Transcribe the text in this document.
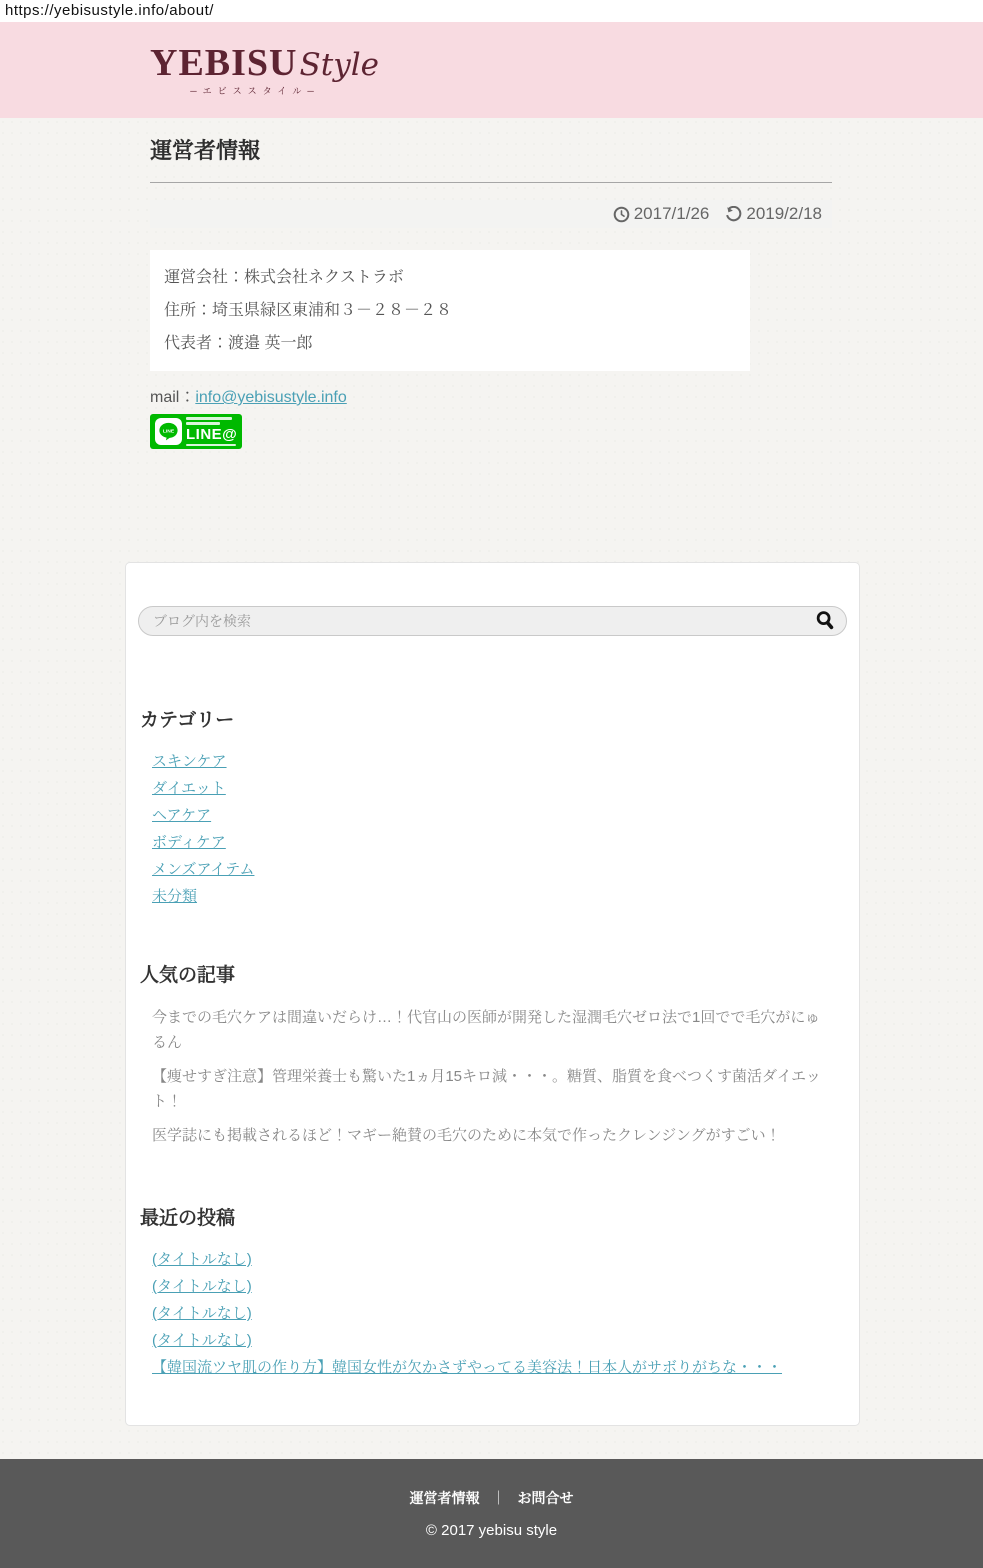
https://yebisustyle.info/about/
YEBISU Style
─エビススタイル─
運営者情報
2017/1/26 2019/2/18

運営会社：株式会社ネクストラボ

住所：埼玉県緑区東浦和３－２８－２８

代表者：渡邉 英一郎

mail：info@yebisustyle.info

LINE LINE@
ブログ内を検索
カテゴリー
スキンケア
ダイエット
ヘアケア
ボディケア
メンズアイテム
未分類
人気の記事
今までの毛穴ケアは間違いだらけ…！代官山の医師が開発した湿潤毛穴ゼロ法で1回でで毛穴がにゅるん
【痩せすぎ注意】管理栄養士も驚いた1ヵ月15キロ減・・・。糖質、脂質を食べつくす菌活ダイエット！
医学誌にも掲載されるほど！マギー絶賛の毛穴のために本気で作ったクレンジングがすごい！
最近の投稿
(タイトルなし)
(タイトルなし)
(タイトルなし)
(タイトルなし)
【韓国流ツヤ肌の作り方】韓国女性が欠かさずやってる美容法！日本人がサボりがちな・・・
運営者情報 ｜ お問合せ
© 2017 yebisu style
